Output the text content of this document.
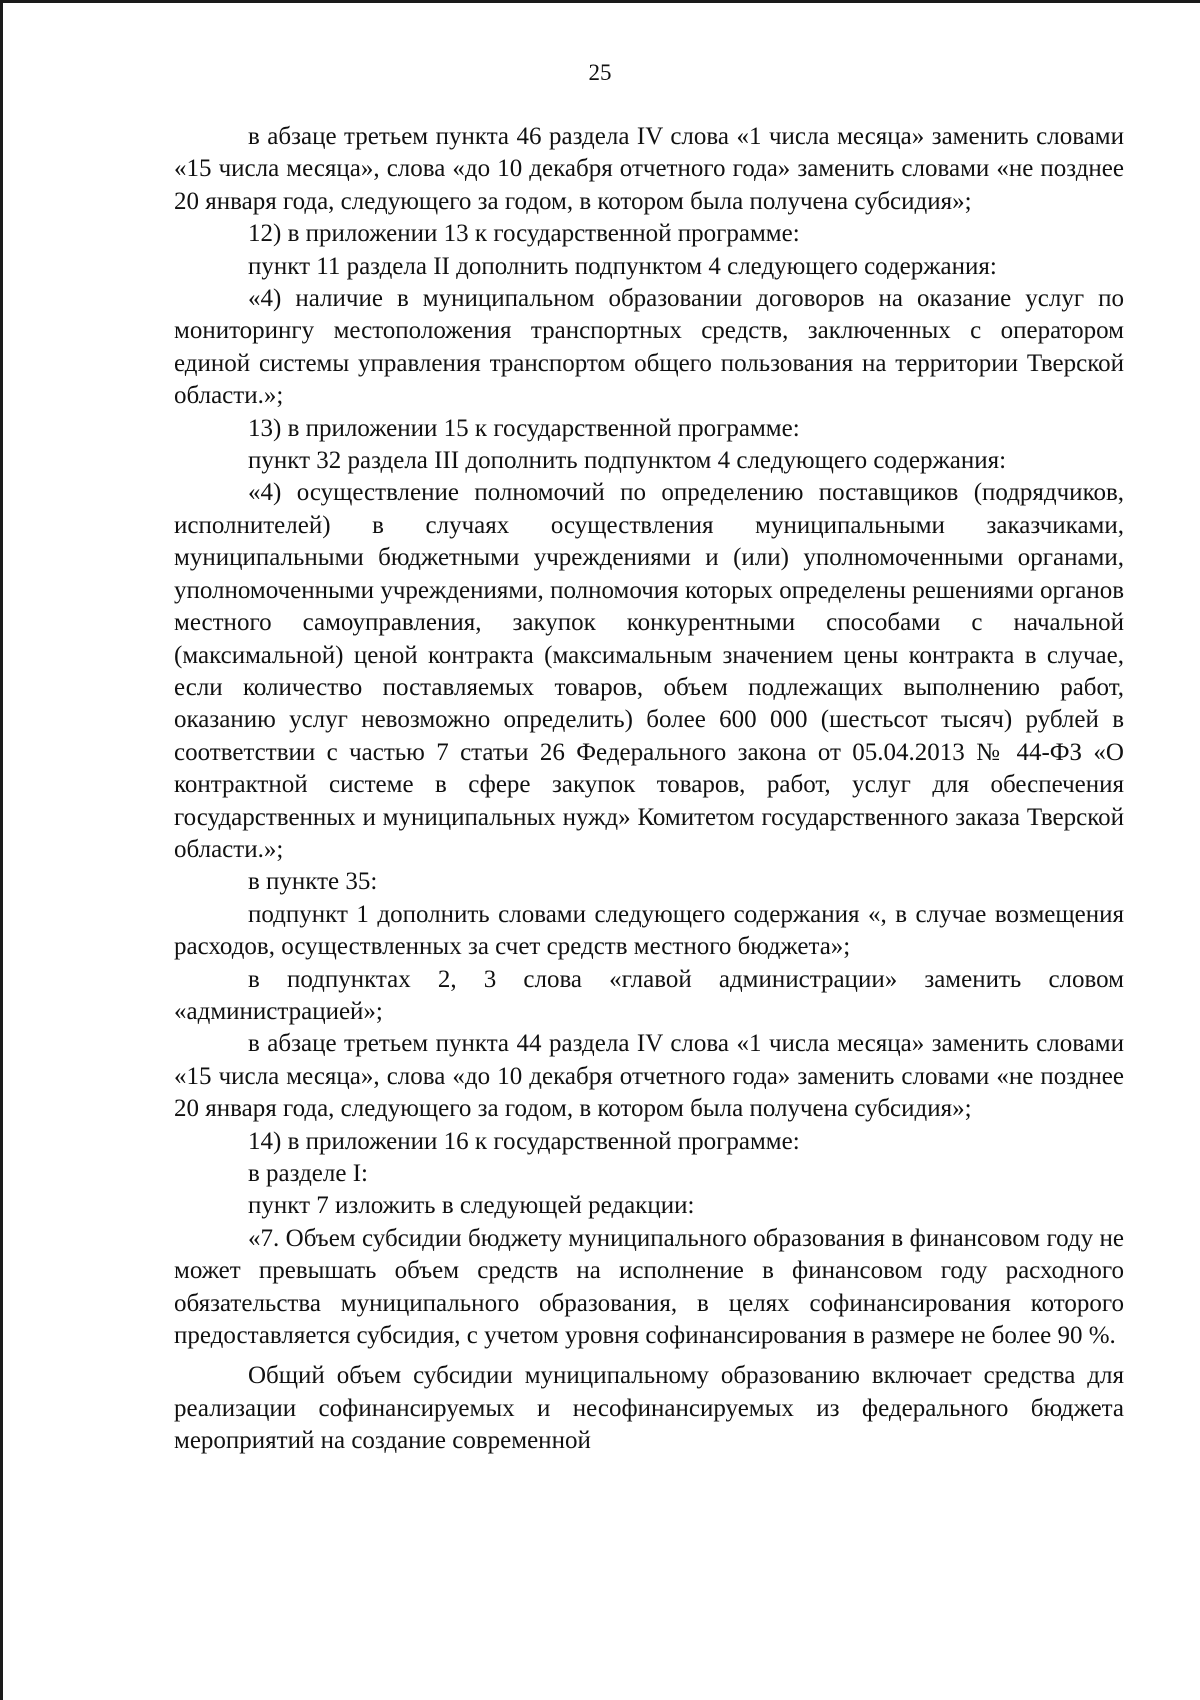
25

в абзаце третьем пункта 46 раздела IV слова «1 числа месяца» заменить словами «15 числа месяца», слова «до 10 декабря отчетного года» заменить словами «не позднее 20 января года, следующего за годом, в котором была получена субсидия»;

12) в приложении 13 к государственной программе:

пункт 11 раздела II дополнить подпунктом 4 следующего содержания:

«4) наличие в муниципальном образовании договоров на оказание услуг по мониторингу местоположения транспортных средств, заключенных с оператором единой системы управления транспортом общего пользования на территории Тверской области.»;

13) в приложении 15 к государственной программе:

пункт 32 раздела III дополнить подпунктом 4 следующего содержания:

«4) осуществление полномочий по определению поставщиков (подрядчиков, исполнителей) в случаях осуществления муниципальными заказчиками, муниципальными бюджетными учреждениями и (или) уполномоченными органами, уполномоченными учреждениями, полномочия которых определены решениями органов местного самоуправления, закупок конкурентными способами с начальной (максимальной) ценой контракта (максимальным значением цены контракта в случае, если количество поставляемых товаров, объем подлежащих выполнению работ, оказанию услуг невозможно определить) более 600 000 (шестьсот тысяч) рублей в соответствии с частью 7 статьи 26 Федерального закона от 05.04.2013 № 44-ФЗ «О контрактной системе в сфере закупок товаров, работ, услуг для обеспечения государственных и муниципальных нужд» Комитетом государственного заказа Тверской области.»;

в пункте 35:

подпункт 1 дополнить словами следующего содержания «, в случае возмещения расходов, осуществленных за счет средств местного бюджета»;

в подпунктах 2, 3 слова «главой администрации» заменить словом «администрацией»;

в абзаце третьем пункта 44 раздела IV слова «1 числа месяца» заменить словами «15 числа месяца», слова «до 10 декабря отчетного года» заменить словами «не позднее 20 января года, следующего за годом, в котором была получена субсидия»;

14) в приложении 16 к государственной программе:

в разделе I:

пункт 7 изложить в следующей редакции:

«7. Объем субсидии бюджету муниципального образования в финансовом году не может превышать объем средств на исполнение в финансовом году расходного обязательства муниципального образования, в целях софинансирования которого предоставляется субсидия, с учетом уровня софинансирования в размере не более 90 %.

Общий объем субсидии муниципальному образованию включает средства для реализации софинансируемых и несофинансируемых из федерального бюджета мероприятий на создание современной
